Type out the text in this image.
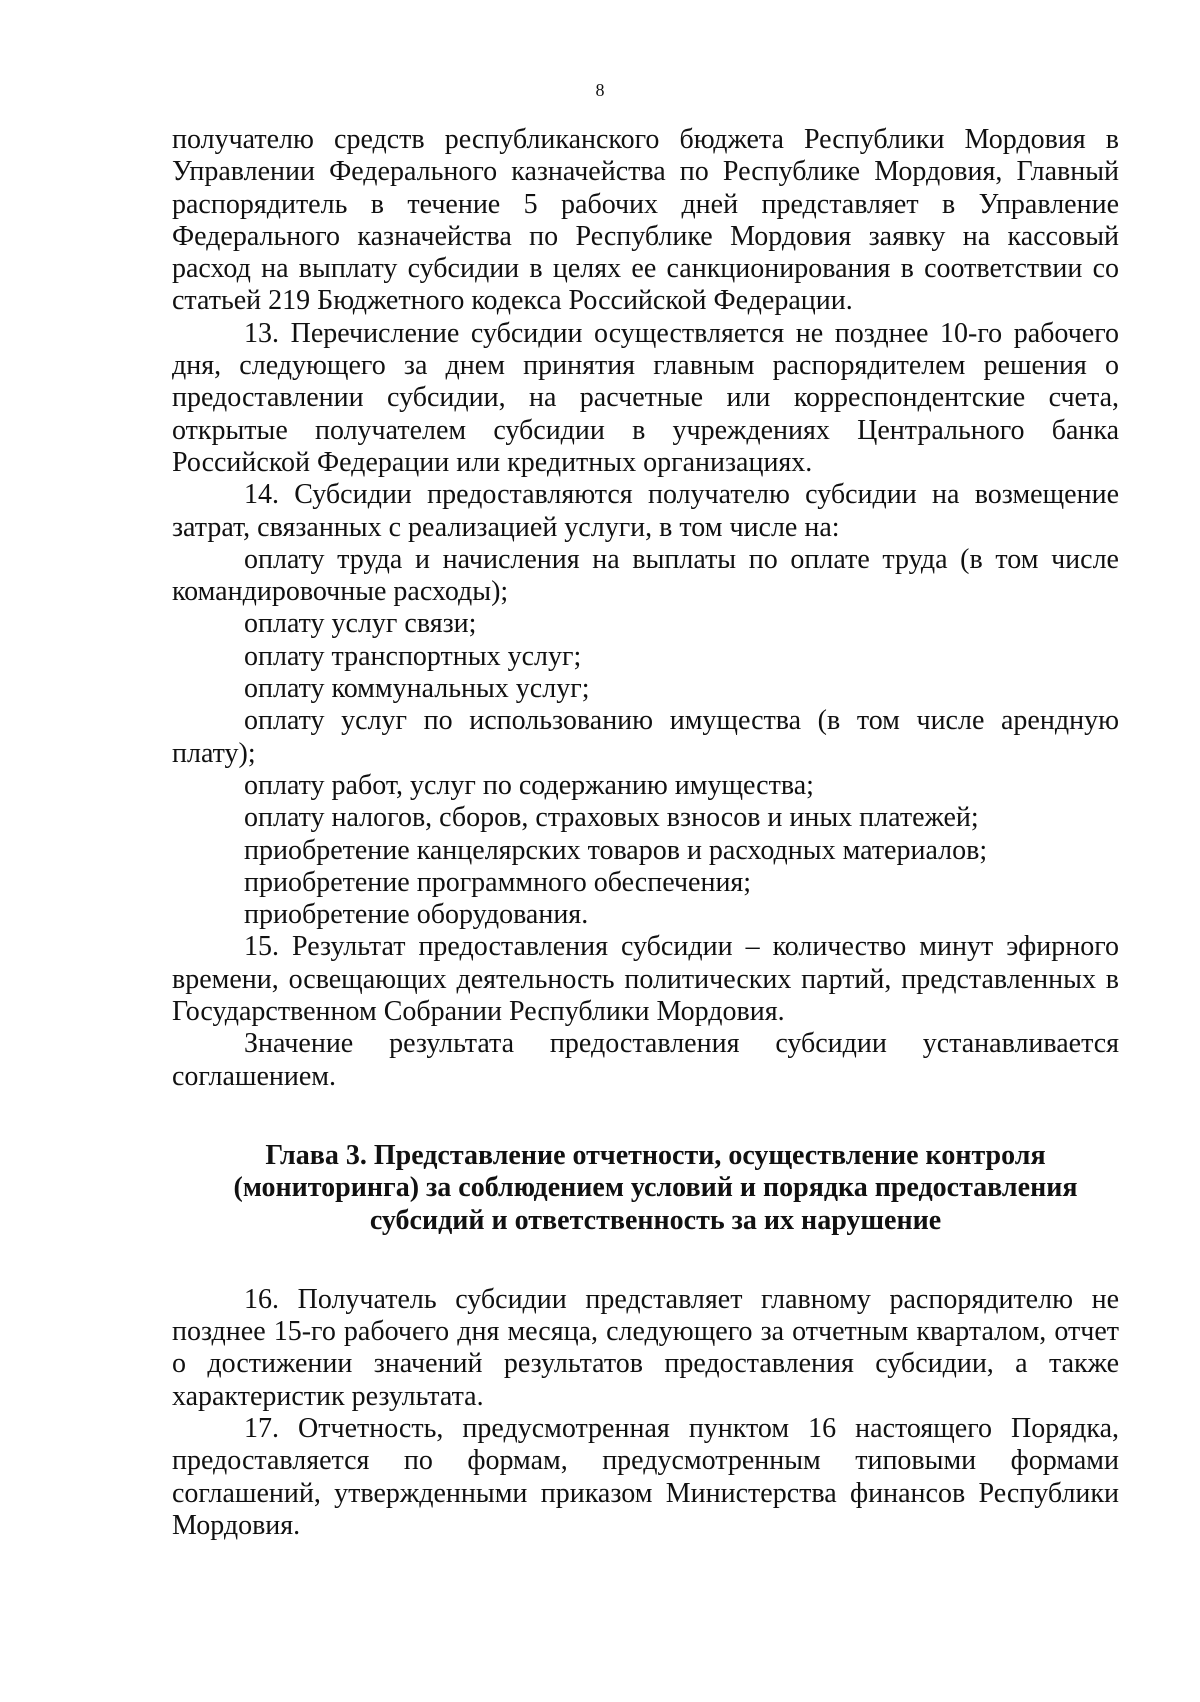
8

получателю средств республиканского бюджета Республики Мордовия в Управлении Федерального казначейства по Республике Мордовия, Главный распорядитель в течение 5 рабочих дней представляет в Управление Федерального казначейства по Республике Мордовия заявку на кассовый расход на выплату субсидии в целях ее санкционирования в соответствии со статьей 219 Бюджетного кодекса Российской Федерации.

13. Перечисление субсидии осуществляется не позднее 10-го рабочего дня, следующего за днем принятия главным распорядителем решения о предоставлении субсидии, на расчетные или корреспондентские счета, открытые получателем субсидии в учреждениях Центрального банка Российской Федерации или кредитных организациях.

14. Субсидии предоставляются получателю субсидии на возмещение затрат, связанных с реализацией услуги, в том числе на:

оплату труда и начисления на выплаты по оплате труда (в том числе командировочные расходы);

оплату услуг связи;

оплату транспортных услуг;

оплату коммунальных услуг;

оплату услуг по использованию имущества (в том числе арендную плату);

оплату работ, услуг по содержанию имущества;

оплату налогов, сборов, страховых взносов и иных платежей;

приобретение канцелярских товаров и расходных материалов;

приобретение программного обеспечения;

приобретение оборудования.

15. Результат предоставления субсидии – количество минут эфирного времени, освещающих деятельность политических партий, представленных в Государственном Собрании Республики Мордовия.

Значение результата предоставления субсидии устанавливается соглашением.

Глава 3. Представление отчетности, осуществление контроля
(мониторинга) за соблюдением условий и порядка предоставления
субсидий и ответственность за их нарушение

16. Получатель субсидии представляет главному распорядителю не позднее 15-го рабочего дня месяца, следующего за отчетным кварталом, отчет о достижении значений результатов предоставления субсидии, а также характеристик результата.

17. Отчетность, предусмотренная пунктом 16 настоящего Порядка, предоставляется по формам, предусмотренным типовыми формами соглашений, утвержденными приказом Министерства финансов Республики Мордовия.
